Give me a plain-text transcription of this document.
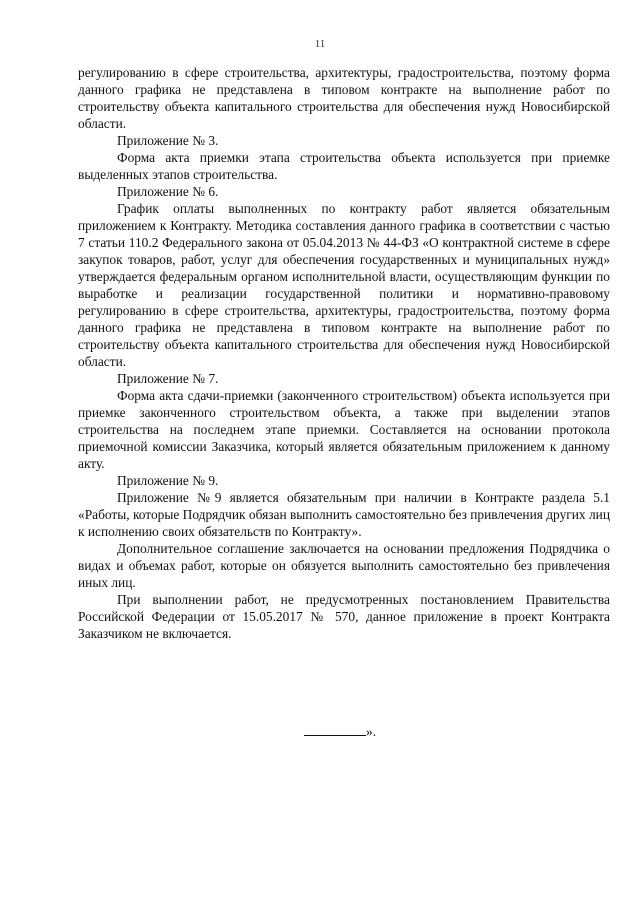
11

регулированию в сфере строительства, архитектуры, градостроительства, поэтому форма данного графика не представлена в типовом контракте на выполнение работ по строительству объекта капитального строительства для обеспечения нужд Новосибирской области.

Приложение № 3.

Форма акта приемки этапа строительства объекта используется при приемке выделенных этапов строительства.

Приложение № 6.

График оплаты выполненных по контракту работ является обязательным приложением к Контракту. Методика составления данного графика в соответствии с частью 7 статьи 110.2 Федерального закона от 05.04.2013 № 44-ФЗ «О контрактной системе в сфере закупок товаров, работ, услуг для обеспечения государственных и муниципальных нужд» утверждается федеральным органом исполнительной власти, осуществляющим функции по выработке и реализации государственной политики и нормативно-правовому регулированию в сфере строительства, архитектуры, градостроительства, поэтому форма данного графика не представлена в типовом контракте на выполнение работ по строительству объекта капитального строительства для обеспечения нужд Новосибирской области.

Приложение № 7.

Форма акта сдачи-приемки (законченного строительством) объекта используется при приемке законченного строительством объекта, а также при выделении этапов строительства на последнем этапе приемки. Составляется на основании протокола приемочной комиссии Заказчика, который является обязательным приложением к данному акту.

Приложение № 9.

Приложение №9 является обязательным при наличии в Контракте раздела 5.1 «Работы, которые Подрядчик обязан выполнить самостоятельно без привлечения других лиц к исполнению своих обязательств по Контракту».

Дополнительное соглашение заключается на основании предложения Подрядчика о видах и объемах работ, которые он обязуется выполнить самостоятельно без привлечения иных лиц.

При выполнении работ, не предусмотренных постановлением Правительства Российской Федерации от 15.05.2017 № 570, данное приложение в проект Контракта Заказчиком не включается.

».
